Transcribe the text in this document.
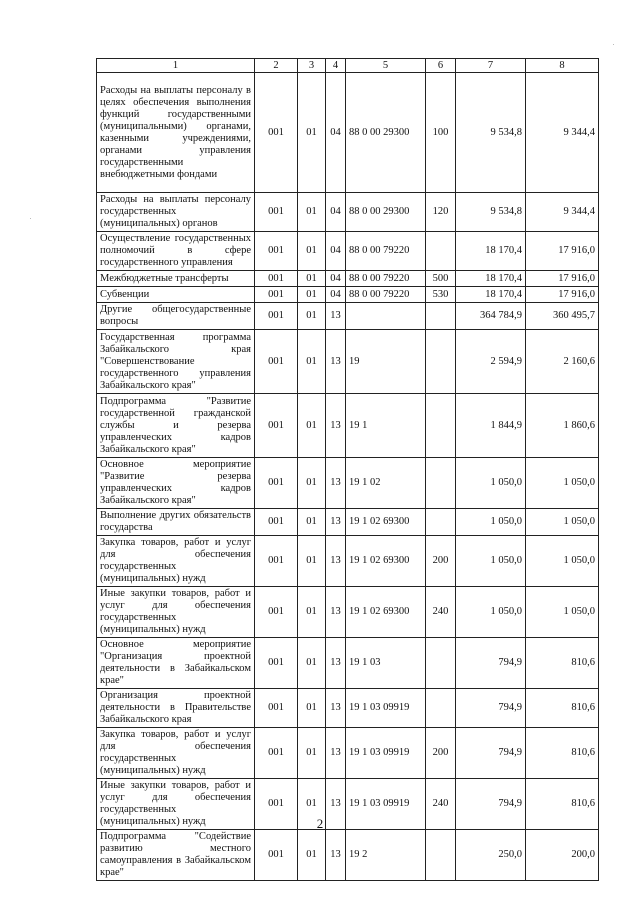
1	2	3	4	5	6	7	8
Расходы на выплаты персоналу в целях обеспечения выполнения функций государственными (муниципальными) органами, казенными учреждениями, органами управления государственными внебюджетными фондами	001	01	04	88 0 00 29300	100	9 534,8	9 344,4
Расходы на выплаты персоналу государственных (муниципальных) органов	001	01	04	88 0 00 29300	120	9 534,8	9 344,4
Осуществление государственных полномочий в сфере государственного управления	001	01	04	88 0 00 79220		18 170,4	17 916,0
Межбюджетные трансферты	001	01	04	88 0 00 79220	500	18 170,4	17 916,0
Субвенции	001	01	04	88 0 00 79220	530	18 170,4	17 916,0
Другие общегосударственные вопросы	001	01	13			364 784,9	360 495,7
Государственная программа Забайкальского края "Совершенствование государственного управления Забайкальского края"	001	01	13	19		2 594,9	2 160,6
Подпрограмма "Развитие государственной гражданской службы и резерва управленческих кадров Забайкальского края"	001	01	13	19 1		1 844,9	1 860,6
Основное мероприятие "Развитие резерва управленческих кадров Забайкальского края"	001	01	13	19 1 02		1 050,0	1 050,0
Выполнение других обязательств государства	001	01	13	19 1 02 69300		1 050,0	1 050,0
Закупка товаров, работ и услуг для обеспечения государственных (муниципальных) нужд	001	01	13	19 1 02 69300	200	1 050,0	1 050,0
Иные закупки товаров, работ и услуг для обеспечения государственных (муниципальных) нужд	001	01	13	19 1 02 69300	240	1 050,0	1 050,0
Основное мероприятие "Организация проектной деятельности в Забайкальском крае"	001	01	13	19 1 03		794,9	810,6
Организация проектной деятельности в Правительстве Забайкальского края	001	01	13	19 1 03 09919		794,9	810,6
Закупка товаров, работ и услуг для обеспечения государственных (муниципальных) нужд	001	01	13	19 1 03 09919	200	794,9	810,6
Иные закупки товаров, работ и услуг для обеспечения государственных (муниципальных) нужд	001	01	13	19 1 03 09919	240	794,9	810,6
Подпрограмма "Содействие развитию местного самоуправления в Забайкальском крае"	001	01	13	19 2		250,0	200,0
2
